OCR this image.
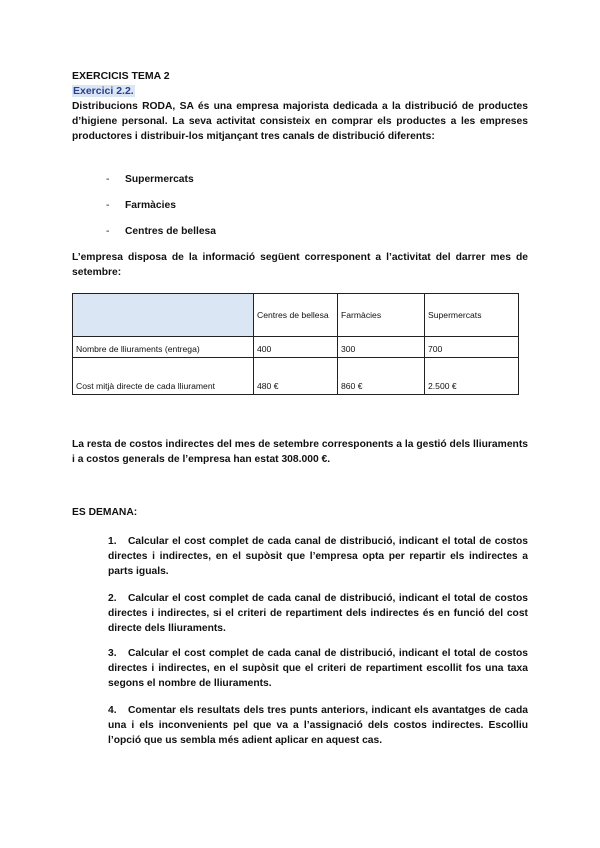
EXERCICIS TEMA 2
Exercici 2.2.
Distribucions RODA, SA és una empresa majorista dedicada a la distribució de productes d’higiene personal. La seva activitat consisteix en comprar els productes a les empreses productores i distribuir-los mitjançant tres canals de distribució diferents:
- Supermercats
- Farmàcies
- Centres de bellesa
L’empresa disposa de la informació següent corresponent a l’activitat del darrer mes de setembre:
	Centres de bellesa	Farmàcies	Supermercats
Nombre de lliuraments (entrega)	400	300	700
Cost mitjà directe de cada lliurament	480 €	860 €	2.500 €
La resta de costos indirectes del mes de setembre corresponents a la gestió dels lliuraments i a costos generals de l’empresa han estat 308.000 €.
ES DEMANA:
1. Calcular el cost complet de cada canal de distribució, indicant el total de costos directes i indirectes, en el supòsit que l’empresa opta per repartir els indirectes a parts iguals.
2. Calcular el cost complet de cada canal de distribució, indicant el total de costos directes i indirectes, si el criteri de repartiment dels indirectes és en funció del cost directe dels lliuraments.
3. Calcular el cost complet de cada canal de distribució, indicant el total de costos directes i indirectes, en el supòsit que el criteri de repartiment escollit fos una taxa segons el nombre de lliuraments.
4. Comentar els resultats dels tres punts anteriors, indicant els avantatges de cada una i els inconvenients pel que va a l’assignació dels costos indirectes. Escolliu l’opció que us sembla més adient aplicar en aquest cas.
